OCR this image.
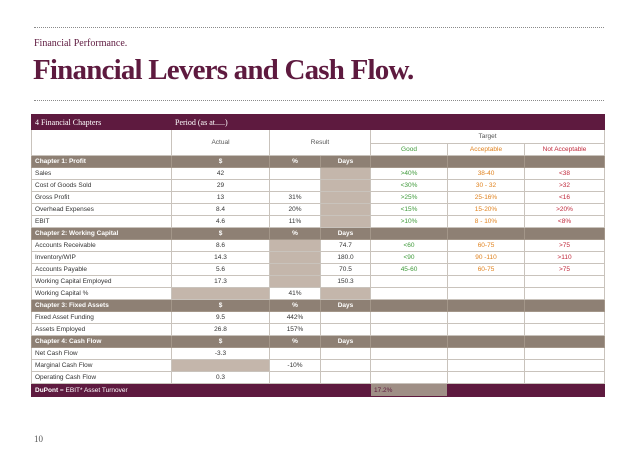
Financial Performance.
Financial Levers and Cash Flow.
4 Financial Chapters	Period (as at.....)					
	Actual	Result		Target		
				Good	Acceptable	Not Acceptable
Chapter 1: Profit	$	%	Days			
Sales	42			>40%	38-40	<38
Cost of Goods Sold	29			<30%	30 - 32	>32
Gross Profit	13	31%		>25%	25-16%	<16
Overhead Expenses	8.4	20%		<15%	15-20%	>20%
EBIT	4.6	11%		>10%	8 - 10%	<8%
Chapter 2: Working Capital	$	%	Days			
Accounts Receivable	8.6		74.7	<60	60-75	>75
Inventory/WIP	14.3		180.0	<90	90 -110	>110
Accounts Payable	5.6		70.5	45-60	60-75	>75
Working Capital Employed	17.3		150.3			
Working Capital %		41%				
Chapter 3: Fixed Assets	$	%	Days			
Fixed Asset Funding	9.5	442%				
Assets Employed	26.8	157%				
Chapter 4: Cash Flow	$	%	Days			
Net Cash Flow	-3.3					
Marginal Cash Flow		-10%				
Operating Cash Flow	0.3					
DuPont = EBIT* Asset Turnover				17.2%		
10
